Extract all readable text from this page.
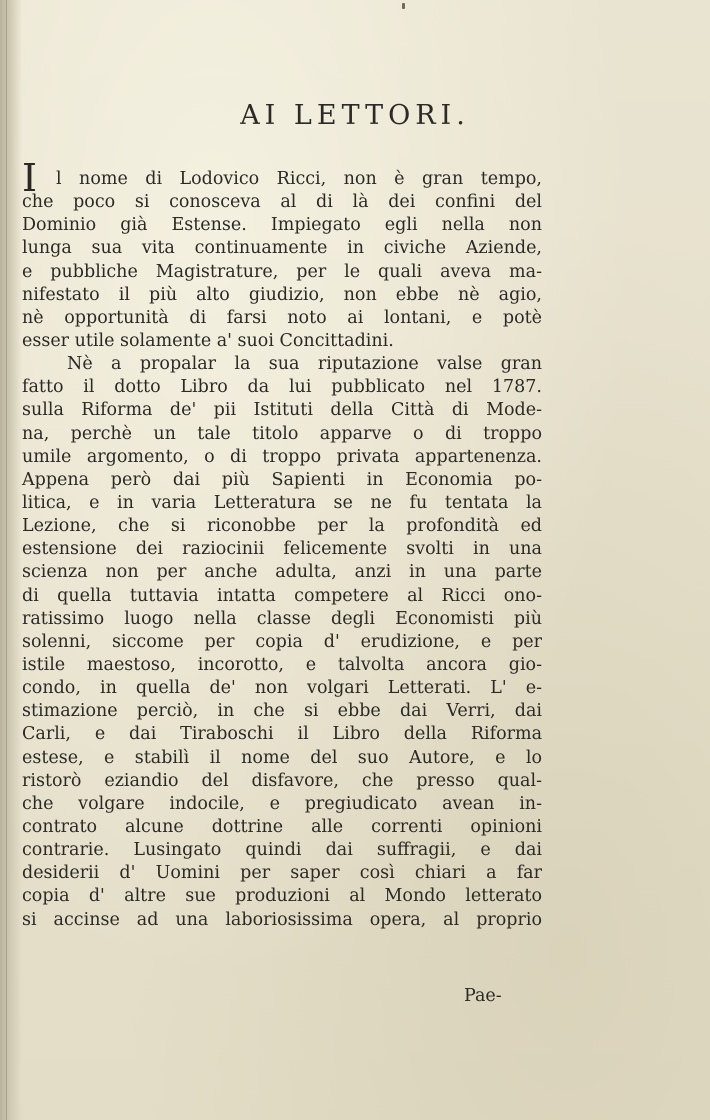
AI LETTORI.
I	l nome di Lodovico Ricci, non è gran tempo,
che poco si conosceva al di là dei confini del
Dominio già Estense. Impiegato egli nella non
lunga sua vita continuamente in civiche Aziende,
e pubbliche Magistrature, per le quali aveva ma-
nifestato il più alto giudizio, non ebbe nè agio,
nè opportunità di farsi noto ai lontani, e potè
esser utile solamente a' suoi Concittadini.
Nè a propalar la sua riputazione valse gran
fatto il dotto Libro da lui pubblicato nel 1787.
sulla Riforma de' pii Istituti della Città di Mode-
na, perchè un tale titolo apparve o di troppo
umile argomento, o di troppo privata appartenenza.
Appena però dai più Sapienti in Economia po-
litica, e in varia Letteratura se ne fu tentata la
Lezione, che si riconobbe per la profondità ed
estensione dei raziocinii felicemente svolti in una
scienza non per anche adulta, anzi in una parte
di quella tuttavia intatta competere al Ricci ono-
ratissimo luogo nella classe degli Economisti più
solenni, siccome per copia d' erudizione, e per
istile maestoso, incorotto, e talvolta ancora gio-
condo, in quella de' non volgari Letterati. L' e-
stimazione perciò, in che si ebbe dai Verri, dai
Carli, e dai Tiraboschi il Libro della Riforma
estese, e stabilì il nome del suo Autore, e lo
ristorò eziandio del disfavore, che presso qual-
che volgare indocile, e pregiudicato avean in-
contrato alcune dottrine alle correnti opinioni
contrarie. Lusingato quindi dai suffragii, e dai
desiderii d' Uomini per saper così chiari a far
copia d' altre sue produzioni al Mondo letterato
si accinse ad una laboriosissima opera, al proprio
Pae-
